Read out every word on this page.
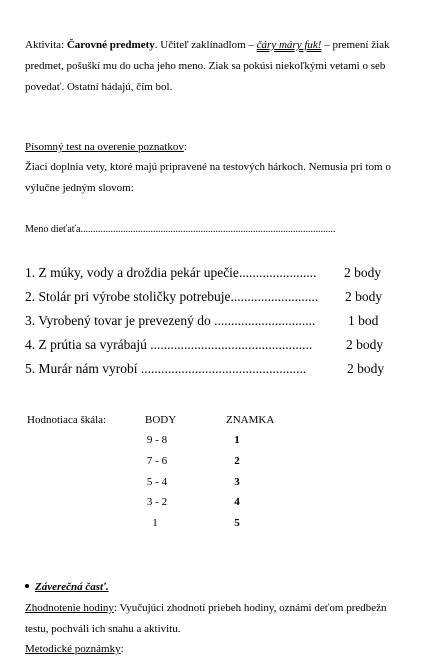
Aktivita: Čarovné predmety. Učiteľ zaklínadlom – čáry máry fuk! – premení žiak
predmet, pošuškí mu do ucha jeho meno. Ziak sa pokúsi niekoľkými vetami o seb
povedať. Ostatní hádajú, čím bol.
Písomný test na overenie poznatkov:
Žiaci doplnia vety, ktoré majú pripravené na testových hárkoch. Nemusia pri tom o
výlučne jedným slovom:
Meno dieťaťa......................................................................................................
1. Z múky, vody a droždia pekár upečie....................... 2 body
2. Stolár pri výrobe stoličky potrebuje.......................... 2 body
3. Vyrobený tovar je prevezený do .............................. 1 bod
4. Z prútia sa vyrábajú ................................................	2 body
5. Murár nám vyrobí .................................................	2 body
Hodnotiaca škála:	BODY	ZNAMKA
9 - 8	1
7 - 6	2
5 - 4	3
3 - 2	4
1	5
Záverečná časť.
Zhodnotenie hodiny: Vyučujúci zhodnotí priebeh hodiny, oznámi deťom predbežn
testu, pochváli ich snahu a aktivitu.
Metodické poznámky:
